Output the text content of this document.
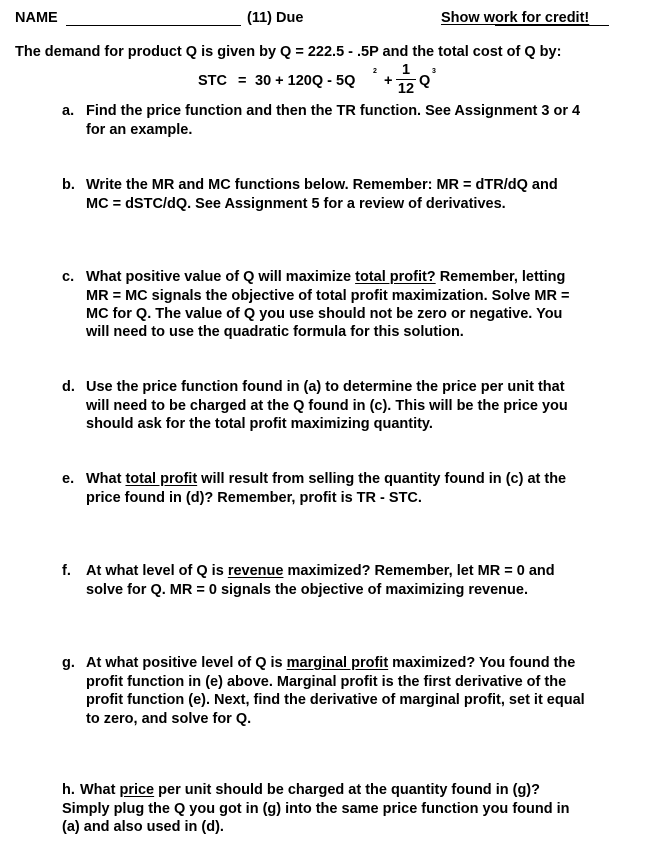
NAME
	(11) Due	Show work for credit!
The demand for product Q is given by Q = 222.5 - .5P and the total cost of Q by:
STC = 30 + 120Q - 5Q
2
+
1
12
Q
3
a. Find the price function and then the TR function. See Assignment 3 or 4
for an example.
b. Write the MR and MC functions below. Remember: MR = dTR/dQ and
MC = dSTC/dQ. See Assignment 5 for a review of derivatives.
c. What positive value of Q will maximize total profit? Remember, letting
MR = MC signals the objective of total profit maximization. Solve MR =
MC for Q. The value of Q you use should not be zero or negative. You
will need to use the quadratic formula for this solution.
d. Use the price function found in (a) to determine the price per unit that
will need to be charged at the Q found in (c). This will be the price you
should ask for the total profit maximizing quantity.
e. What total profit will result from selling the quantity found in (c) at the
price found in (d)? Remember, profit is TR - STC.
f. At what level of Q is revenue maximized? Remember, let MR = 0 and
solve for Q. MR = 0 signals the objective of maximizing revenue.
g. At what positive level of Q is marginal profit maximized? You found the
profit function in (e) above. Marginal profit is the first derivative of the
profit function (e). Next, find the derivative of marginal profit, set it equal
to zero, and solve for Q.
h. What price per unit should be charged at the quantity found in (g)?
Simply plug the Q you got in (g) into the same price function you found in
(a) and also used in (d).
